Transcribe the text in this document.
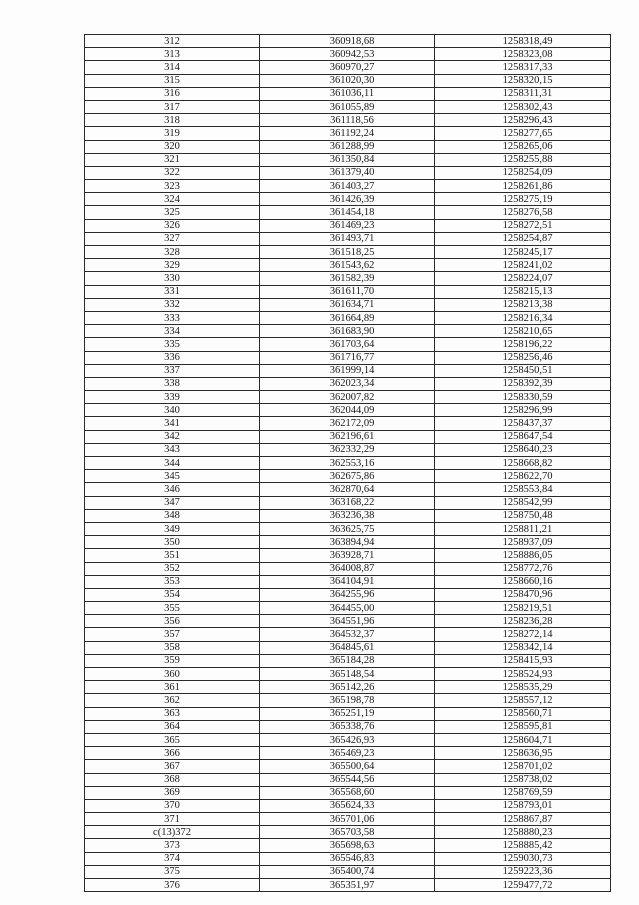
312	360918,68	1258318,49
313	360942,53	1258323,08
314	360970,27	1258317,33
315	361020,30	1258320,15
316	361036,11	1258311,31
317	361055,89	1258302,43
318	361118,56	1258296,43
319	361192,24	1258277,65
320	361288,99	1258265,06
321	361350,84	1258255,88
322	361379,40	1258254,09
323	361403,27	1258261,86
324	361426,39	1258275,19
325	361454,18	1258276,58
326	361469,23	1258272,51
327	361493,71	1258254,87
328	361518,25	1258245,17
329	361543,62	1258241,02
330	361582,39	1258224,07
331	361611,70	1258215,13
332	361634,71	1258213,38
333	361664,89	1258216,34
334	361683,90	1258210,65
335	361703,64	1258196,22
336	361716,77	1258256,46
337	361999,14	1258450,51
338	362023,34	1258392,39
339	362007,82	1258330,59
340	362044,09	1258296,99
341	362172,09	1258437,37
342	362196,61	1258647,54
343	362332,29	1258640,23
344	362553,16	1258668,82
345	362675,86	1258622,70
346	362870,64	1258553,84
347	363168,22	1258542,99
348	363236,38	1258750,48
349	363625,75	1258811,21
350	363894,94	1258937,09
351	363928,71	1258886,05
352	364008,87	1258772,76
353	364104,91	1258660,16
354	364255,96	1258470,96
355	364455,00	1258219,51
356	364551,96	1258236,28
357	364532,37	1258272,14
358	364845,61	1258342,14
359	365184,28	1258415,93
360	365148,54	1258524,93
361	365142,26	1258535,29
362	365198,78	1258557,12
363	365251,19	1258560,71
364	365338,76	1258595,81
365	365426,93	1258604,71
366	365469,23	1258636,95
367	365500,64	1258701,02
368	365544,56	1258738,02
369	365568,60	1258769,59
370	365624,33	1258793,01
371	365701,06	1258867,87
c(13)372	365703,58	1258880,23
373	365698,63	1258885,42
374	365546,83	1259030,73
375	365400,74	1259223,36
376	365351,97	1259477,72
